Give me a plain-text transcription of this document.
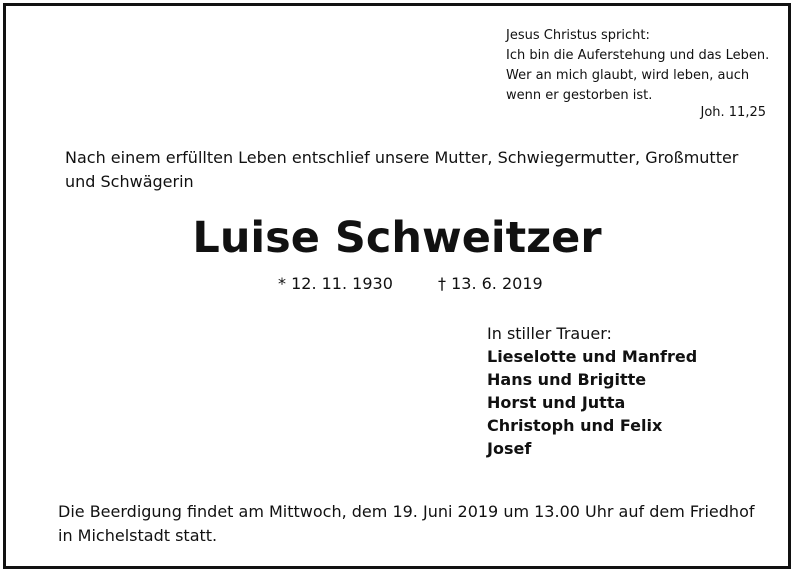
Jesus Christus spricht:
Ich bin die Auferstehung und das Leben.
Wer an mich glaubt, wird leben, auch
wenn er gestorben ist.
Joh. 11,25
Nach einem erfüllten Leben entschlief unsere Mutter, Schwiegermutter, Großmutter
und Schwägerin
Luise Schweitzer
* 12. 11. 1930	† 13. 6. 2019
In stiller Trauer:
Lieselotte und Manfred
Hans und Brigitte
Horst und Jutta
Christoph und Felix
Josef
Die Beerdigung findet am Mittwoch, dem 19. Juni 2019 um 13.00 Uhr auf dem Friedhof
in Michelstadt statt.
